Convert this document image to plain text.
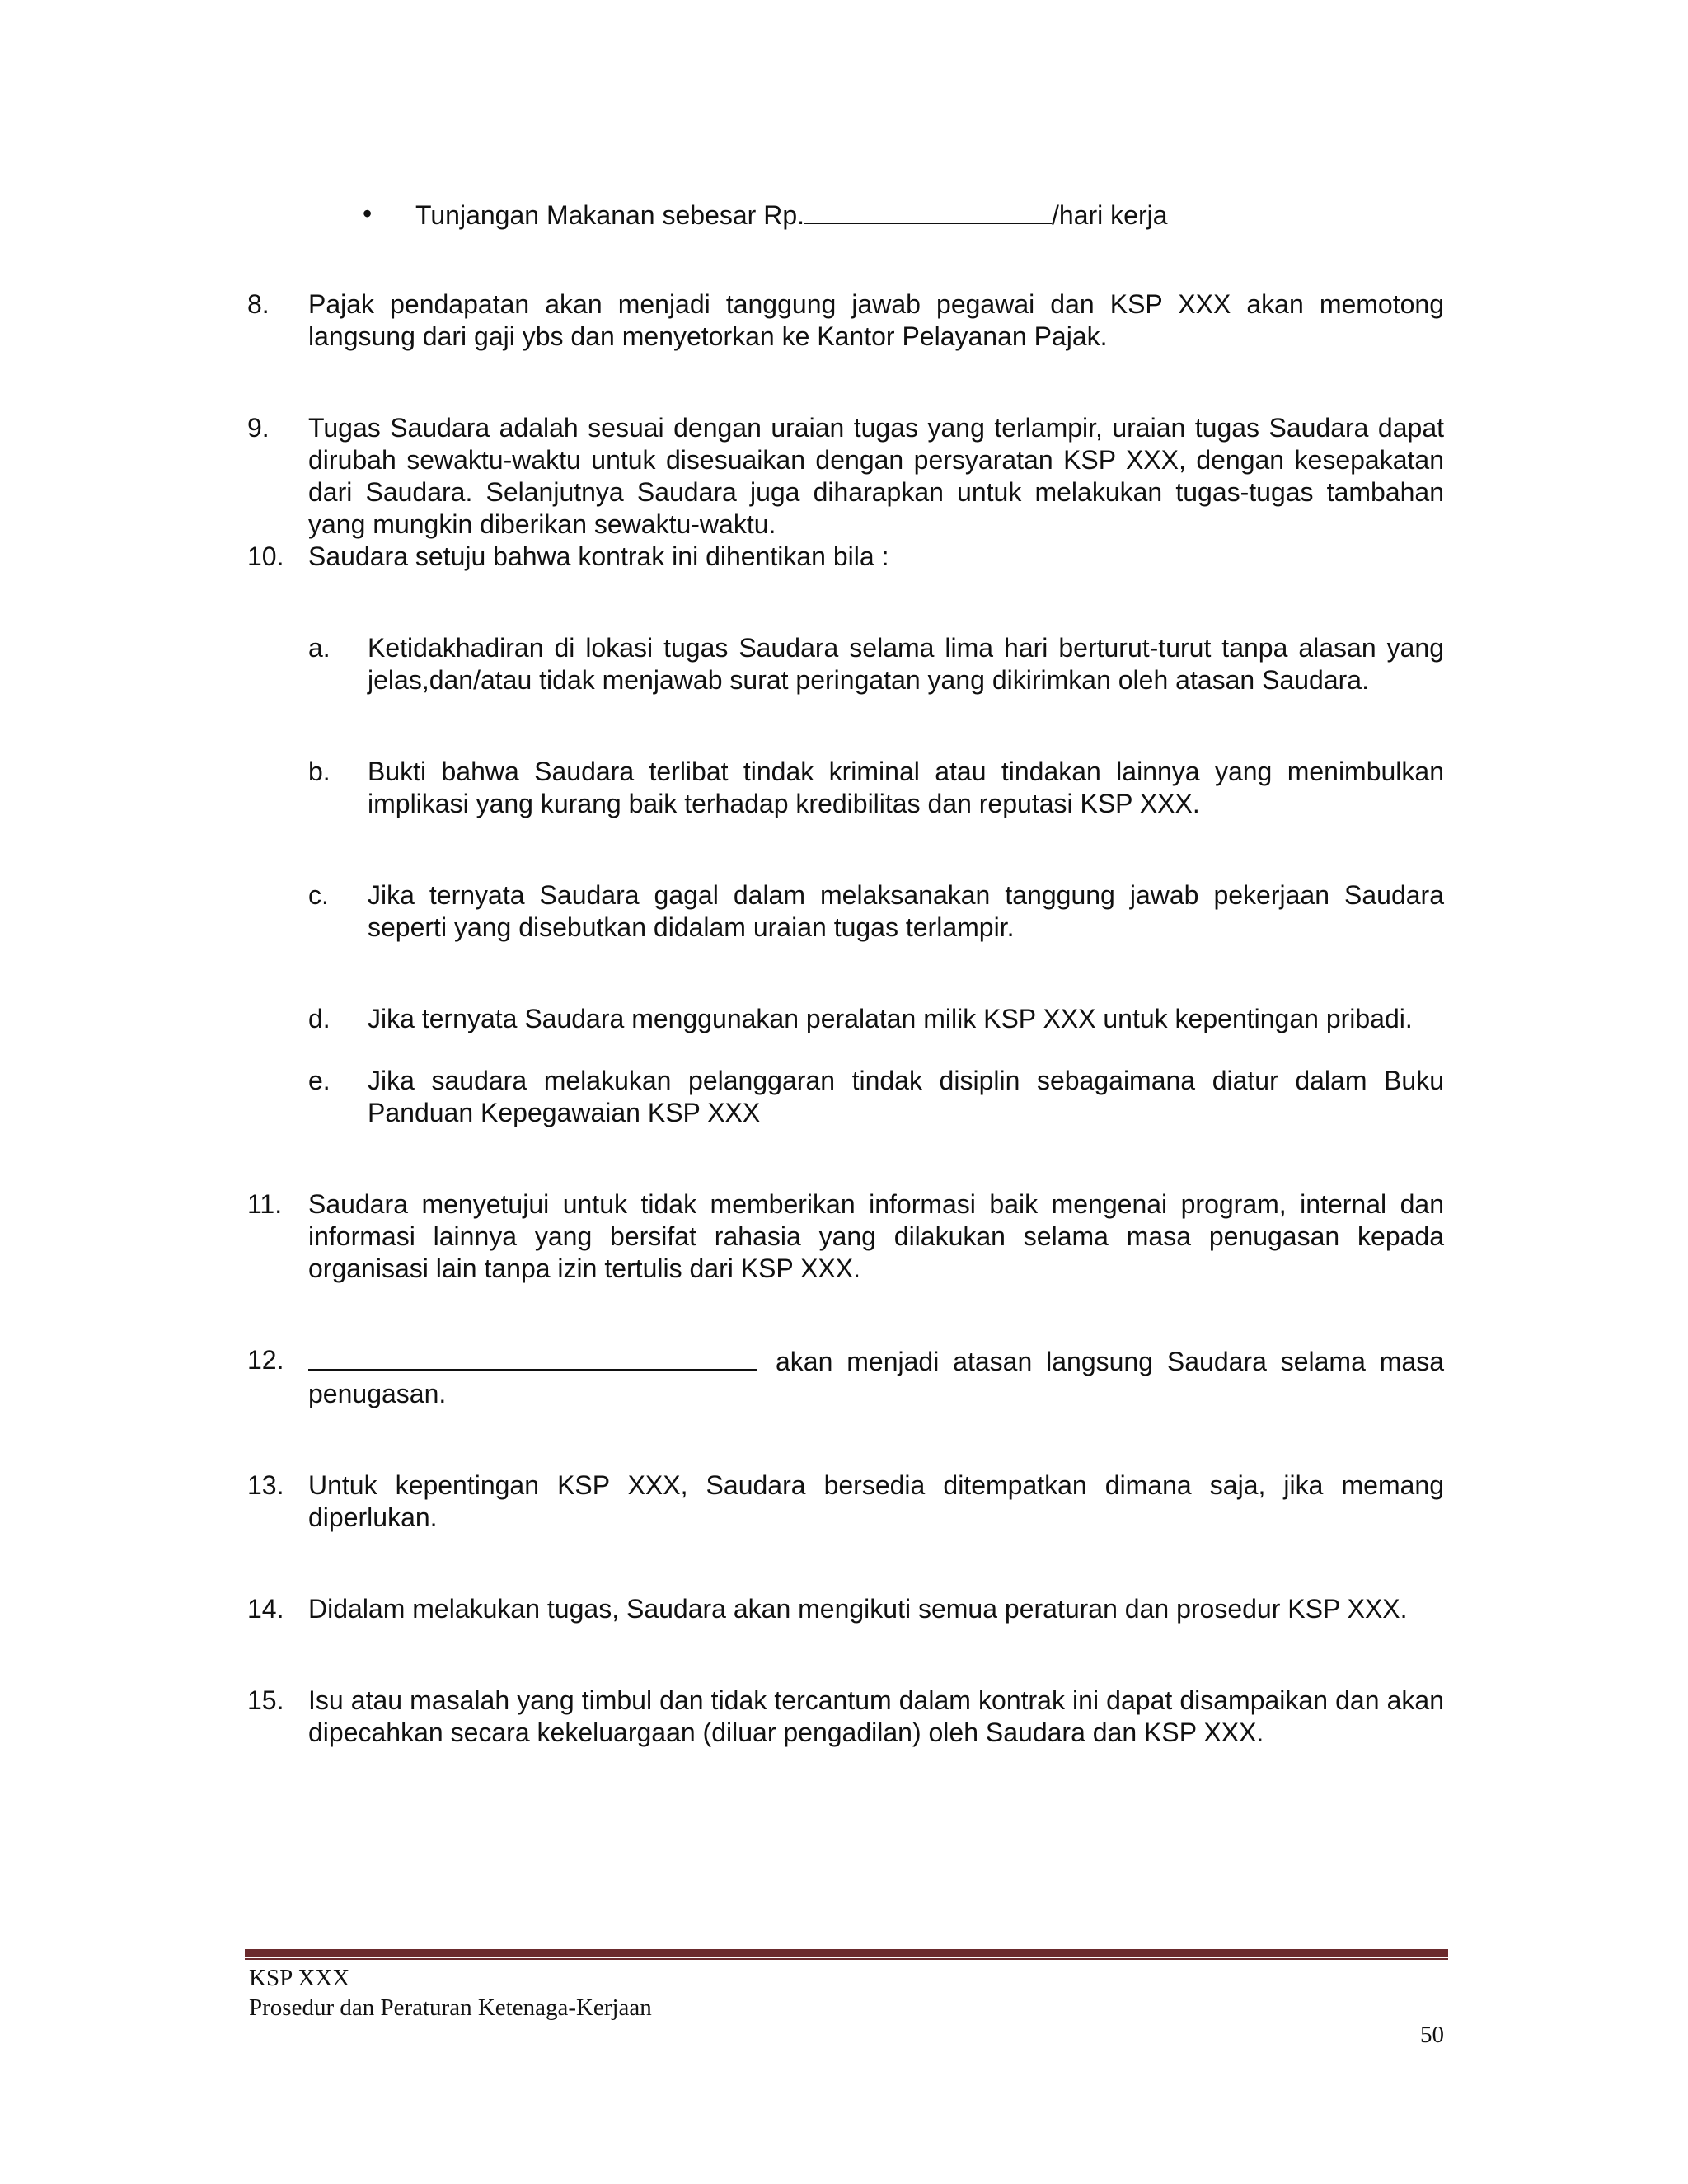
•	Tunjangan Makanan sebesar Rp.	/hari kerja
8.	Pajak pendapatan akan menjadi tanggung jawab pegawai dan KSP XXX akan memotong langsung dari gaji ybs dan menyetorkan ke Kantor Pelayanan Pajak.
9.	Tugas Saudara adalah sesuai dengan uraian tugas yang terlampir, uraian tugas Saudara dapat dirubah sewaktu-waktu untuk disesuaikan dengan persyaratan KSP XXX, dengan kesepakatan dari Saudara. Selanjutnya Saudara juga diharapkan untuk melakukan tugas-tugas tambahan yang mungkin diberikan sewaktu-waktu.
10. Saudara setuju bahwa kontrak ini dihentikan bila :
a.	Ketidakhadiran di lokasi tugas Saudara selama lima hari berturut-turut tanpa alasan yang jelas,dan/atau tidak menjawab surat peringatan yang dikirimkan oleh atasan Saudara.
b.	Bukti bahwa Saudara terlibat tindak kriminal atau tindakan lainnya yang menimbulkan implikasi yang kurang baik terhadap kredibilitas dan reputasi KSP XXX.
c.	Jika ternyata Saudara gagal dalam melaksanakan tanggung jawab pekerjaan Saudara seperti yang disebutkan didalam uraian tugas terlampir.
d.	Jika ternyata Saudara menggunakan peralatan milik KSP XXX untuk kepentingan pribadi.
e.	Jika saudara melakukan pelanggaran tindak disiplin sebagaimana diatur dalam Buku Panduan Kepegawaian KSP XXX
11. Saudara menyetujui untuk tidak memberikan informasi baik mengenai program, internal dan informasi lainnya yang bersifat rahasia yang dilakukan selama masa penugasan kepada organisasi lain tanpa izin tertulis dari KSP XXX.
12.	akan menjadi atasan langsung Saudara selama masa penugasan.
13. Untuk kepentingan KSP XXX, Saudara bersedia ditempatkan dimana saja, jika memang diperlukan.
14. Didalam melakukan tugas, Saudara akan mengikuti semua peraturan dan prosedur KSP XXX.
15. Isu atau masalah yang timbul dan tidak tercantum dalam kontrak ini dapat disampaikan dan akan dipecahkan secara kekeluargaan (diluar pengadilan) oleh Saudara dan KSP XXX.
KSP XXX
Prosedur dan Peraturan Ketenaga-Kerjaan
50
